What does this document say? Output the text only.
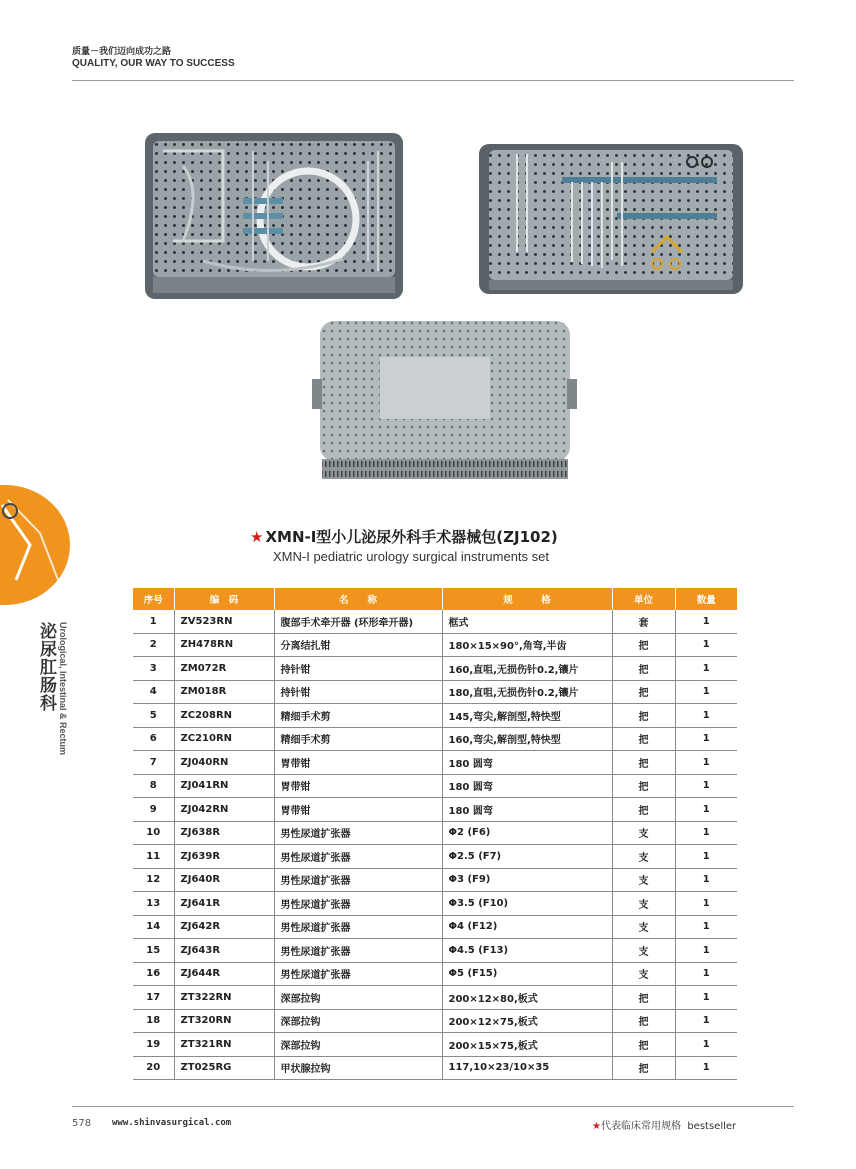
质量－我们迈向成功之路
QUALITY, OUR WAY TO SUCCESS
泌尿肛肠科 Urological, Intestinal & Rectum
★ XMN-Ⅰ型小儿泌尿外科手术器械包(ZJ102)
XMN-I pediatric urology surgical instruments set
序号	编　码	名　　称	规　　　格	单位	数量
1	ZV523RN	腹部手术牵开器 (环形牵开器)	框式	套	1
2	ZH478RN	分离结扎钳	180×15×90°,角弯,半齿	把	1
3	ZM072R	持针钳	160,直咀,无损伤针0.2,镶片	把	1
4	ZM018R	持针钳	180,直咀,无损伤针0.2,镶片	把	1
5	ZC208RN	精细手术剪	145,弯尖,解剖型,特快型	把	1
6	ZC210RN	精细手术剪	160,弯尖,解剖型,特快型	把	1
7	ZJ040RN	胃带钳	180 圆弯	把	1
8	ZJ041RN	胃带钳	180 圆弯	把	1
9	ZJ042RN	胃带钳	180 圆弯	把	1
10	ZJ638R	男性尿道扩张器	Φ2 (F6)	支	1
11	ZJ639R	男性尿道扩张器	Φ2.5 (F7)	支	1
12	ZJ640R	男性尿道扩张器	Φ3 (F9)	支	1
13	ZJ641R	男性尿道扩张器	Φ3.5 (F10)	支	1
14	ZJ642R	男性尿道扩张器	Φ4 (F12)	支	1
15	ZJ643R	男性尿道扩张器	Φ4.5 (F13)	支	1
16	ZJ644R	男性尿道扩张器	Φ5 (F15)	支	1
17	ZT322RN	深部拉钩	200×12×80,板式	把	1
18	ZT320RN	深部拉钩	200×12×75,板式	把	1
19	ZT321RN	深部拉钩	200×15×75,板式	把	1
20	ZT025RG	甲状腺拉钩	117,10×23/10×35	把	1
578 www.shinvasurgical.com	★代表临床常用规格 bestseller
